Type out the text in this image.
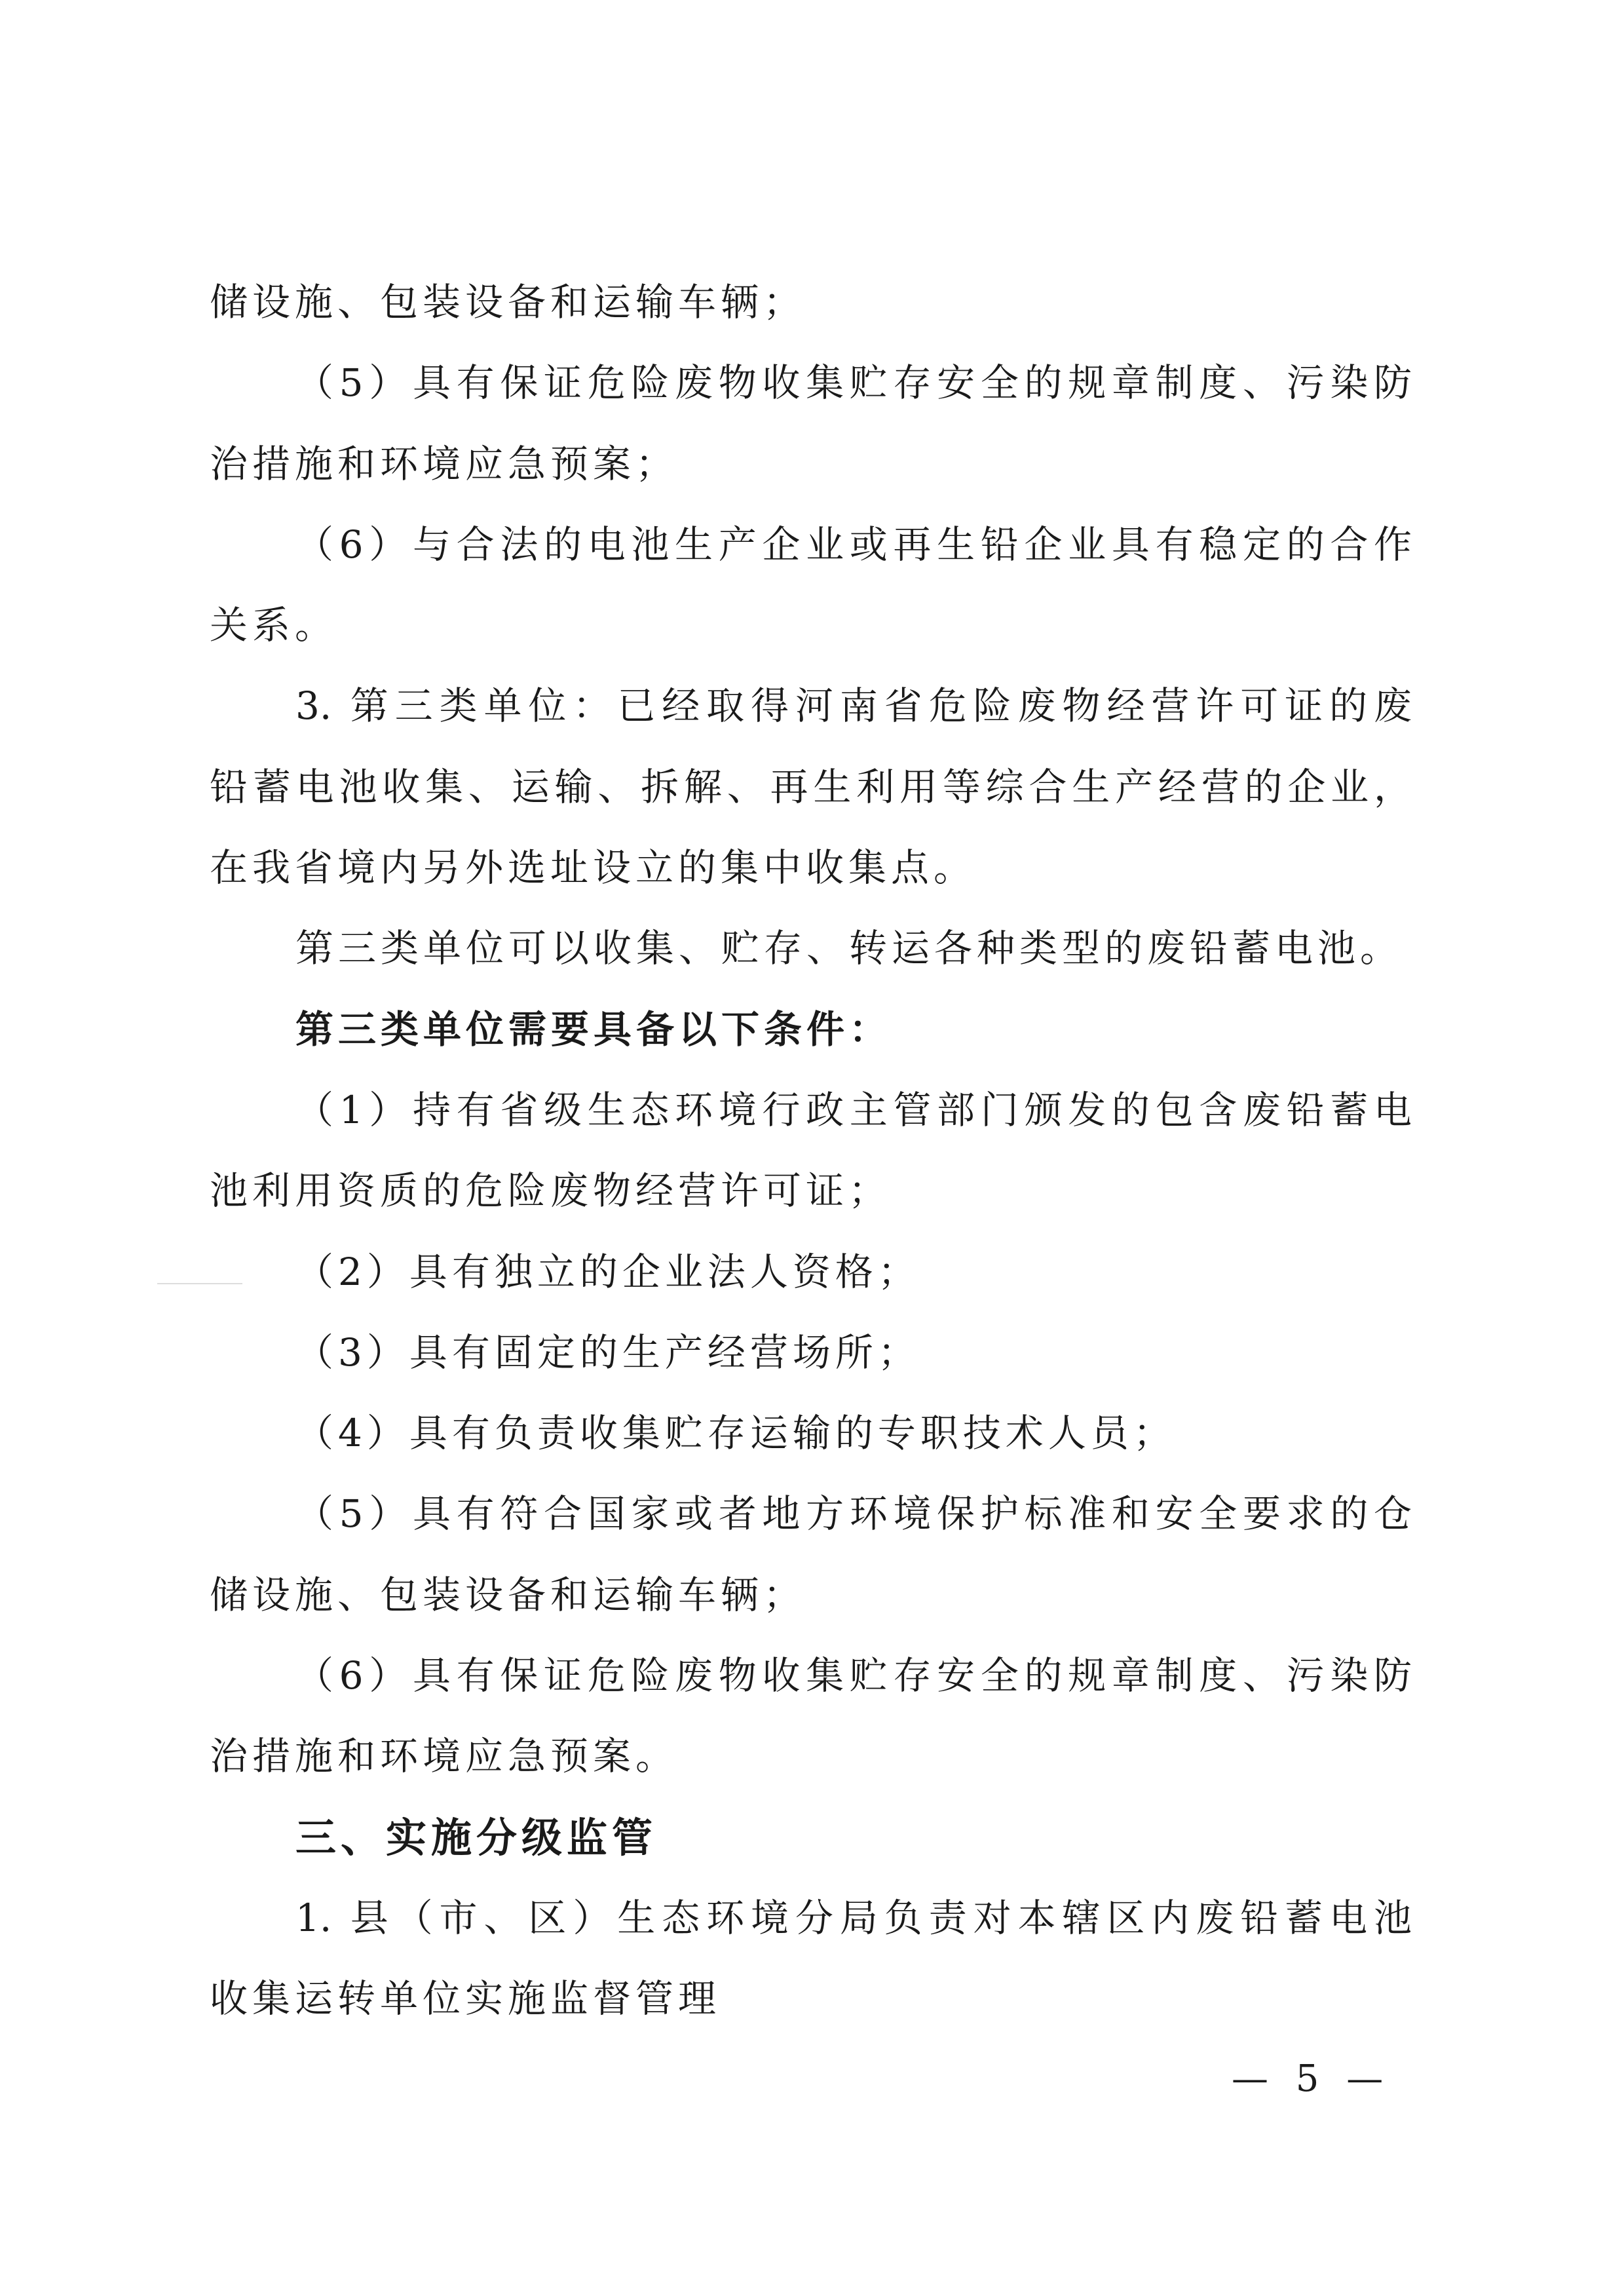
储设施、包装设备和运输车辆；
（5）具有保证危险废物收集贮存安全的规章制度、污染防
治措施和环境应急预案；
（6）与合法的电池生产企业或再生铅企业具有稳定的合作
关系。
3. 第三类单位：已经取得河南省危险废物经营许可证的废
铅蓄电池收集、运输、拆解、再生利用等综合生产经营的企业，
在我省境内另外选址设立的集中收集点。
第三类单位可以收集、贮存、转运各种类型的废铅蓄电池。
第三类单位需要具备以下条件：
（1）持有省级生态环境行政主管部门颁发的包含废铅蓄电
池利用资质的危险废物经营许可证；
（2）具有独立的企业法人资格；
（3）具有固定的生产经营场所；
（4）具有负责收集贮存运输的专职技术人员；
（5）具有符合国家或者地方环境保护标准和安全要求的仓
储设施、包装设备和运输车辆；
（6）具有保证危险废物收集贮存安全的规章制度、污染防
治措施和环境应急预案。
三、实施分级监管
1. 县（市、区）生态环境分局负责对本辖区内废铅蓄电池
收集运转单位实施监督管理
— 5 —
